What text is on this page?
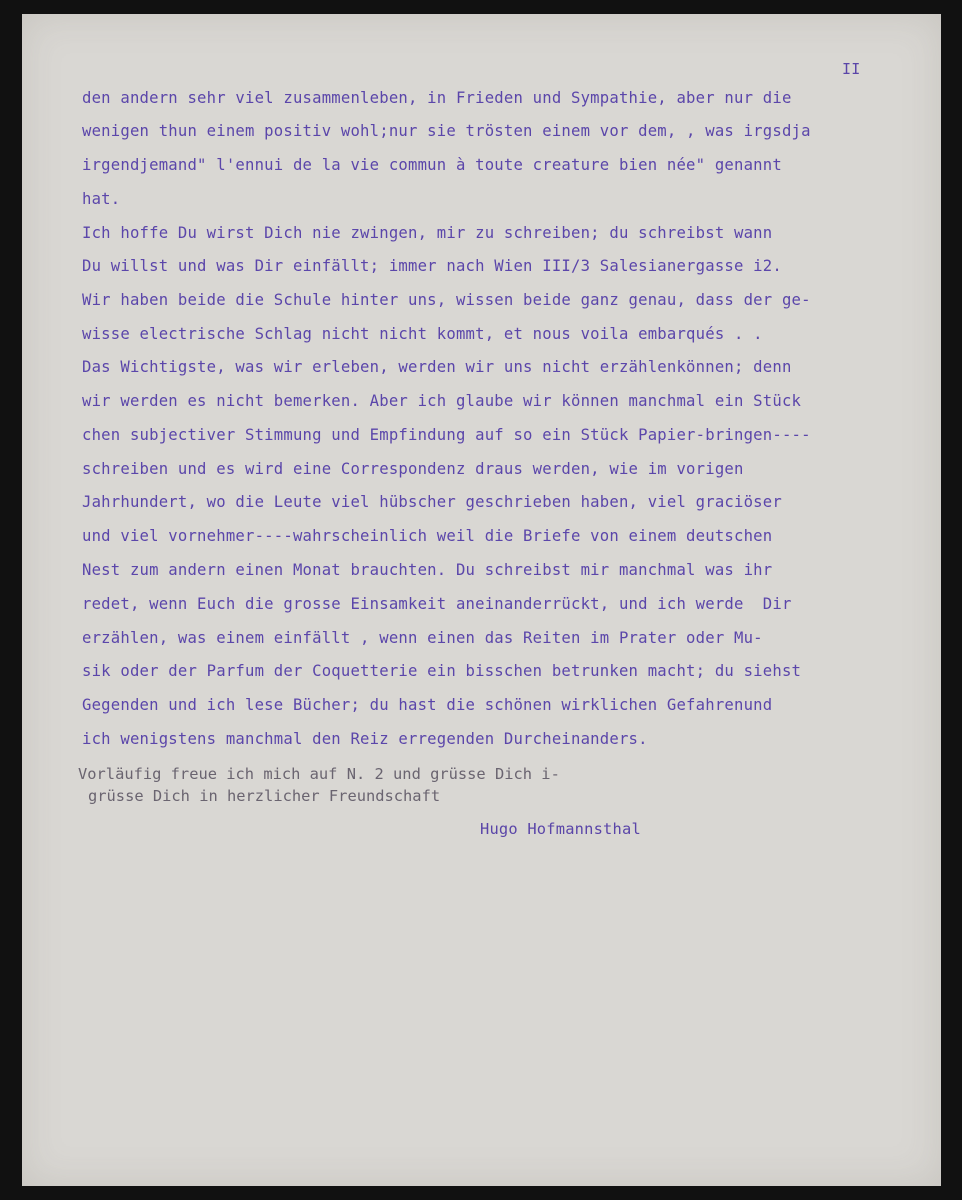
II

den andern sehr viel zusammenleben, in Frieden und Sympathie, aber nur die

wenigen thun einem positiv wohl;nur sie trösten einem vor dem, , was irgsdja

irgendjemand" l'ennui de la vie commun à toute creature bien née" genannt

hat.

Ich hoffe Du wirst Dich nie zwingen, mir zu schreiben; du schreibst wann

Du willst und was Dir einfällt; immer nach Wien III/3 Salesianergasse i2.

Wir haben beide die Schule hinter uns, wissen beide ganz genau, dass der ge-

wisse electrische Schlag nicht nicht kommt, et nous voila embarqués . .

Das Wichtigste, was wir erleben, werden wir uns nicht erzählenkönnen; denn

wir werden es nicht bemerken. Aber ich glaube wir können manchmal ein Stück

chen subjectiver Stimmung und Empfindung auf so ein Stück Papier-bringen----

schreiben und es wird eine Correspondenz draus werden, wie im vorigen

Jahrhundert, wo die Leute viel hübscher geschrieben haben, viel graciöser

und viel vornehmer----wahrscheinlich weil die Briefe von einem deutschen

Nest zum andern einen Monat brauchten. Du schreibst mir manchmal was ihr

redet, wenn Euch die grosse Einsamkeit aneinanderrückt, und ich werde  Dir

erzählen, was einem einfällt , wenn einen das Reiten im Prater oder Mu-

sik oder der Parfum der Coquetterie ein bisschen betrunken macht; du siehst

Gegenden und ich lese Bücher; du hast die schönen wirklichen Gefahrenund

ich wenigstens manchmal den Reiz erregenden Durcheinanders.

Vorläufig freue ich mich auf N. 2 und grüsse Dich i-
grüsse Dich in herzlicher Freundschaft
Hugo Hofmannsthal
